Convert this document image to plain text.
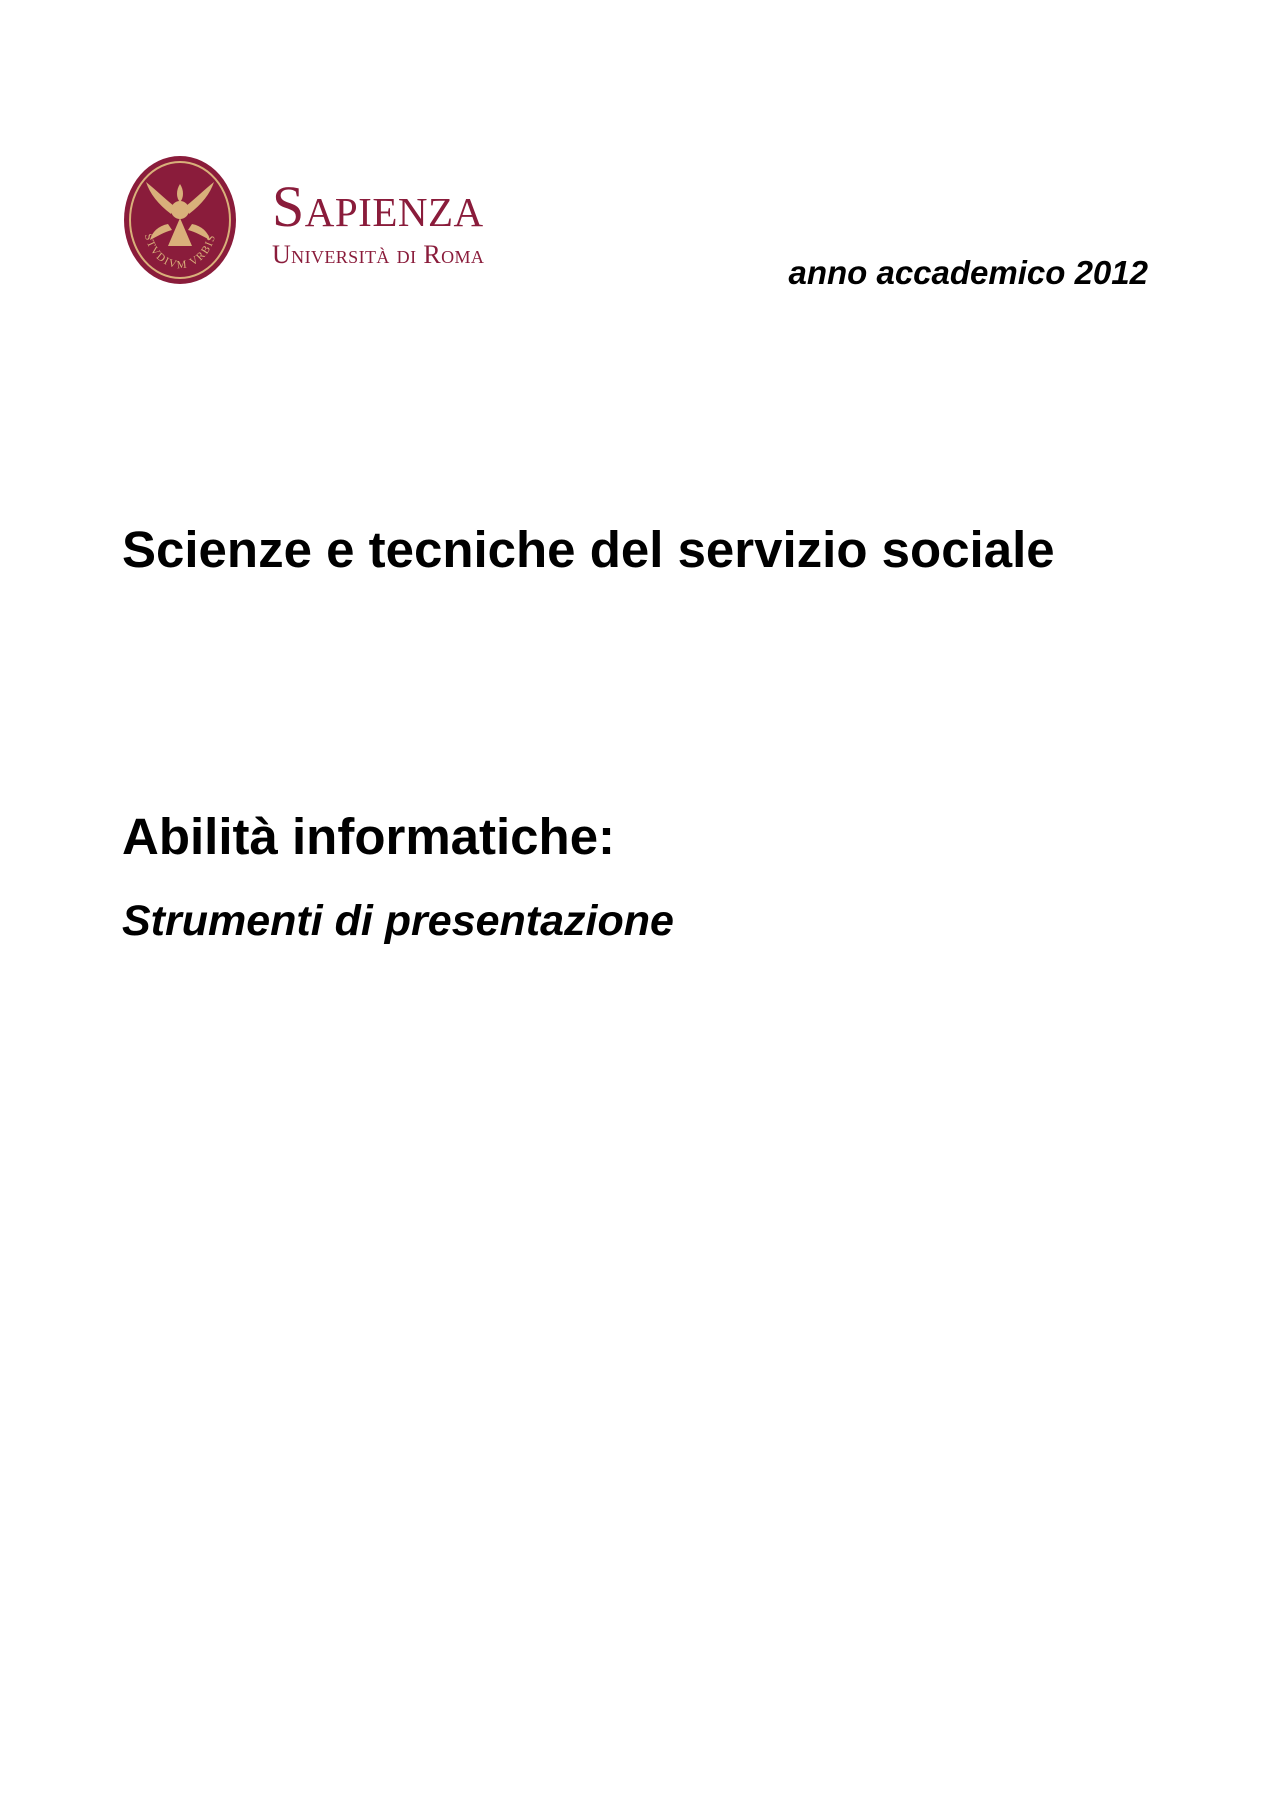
STVDIVM VRBIS Sapienza
Università di Roma	anno accademico 2012
Scienze e tecniche del servizio sociale
Abilità informatiche:
Strumenti di presentazione
